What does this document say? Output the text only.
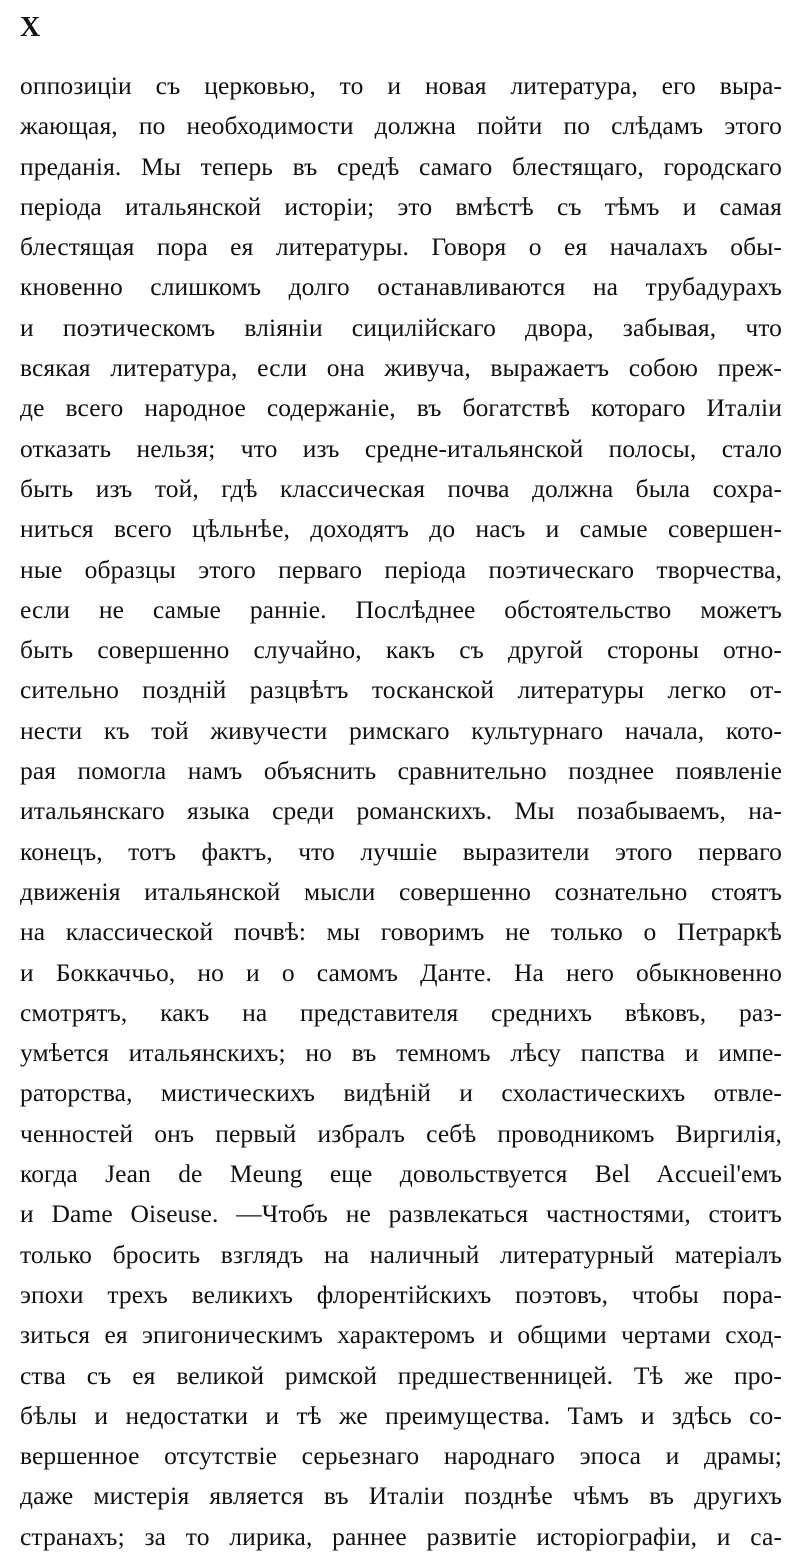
X
оппозиціи съ церковью, то и новая литература, его выра-
жающая, по необходимости должна пойти по слѣдамъ этого
преданія. Мы теперь въ средѣ самаго блестящаго, городскаго
періода итальянской исторіи; это вмѣстѣ съ тѣмъ и самая
блестящая пора ея литературы. Говоря о ея началахъ обы-
кновенно слишкомъ долго останавливаются на трубадурахъ
и поэтическомъ вліяніи сицилійскаго двора, забывая, что
всякая литература, если она живуча, выражаетъ собою преж-
де всего народное содержаніе, въ богатствѣ котораго Италіи
отказать нельзя; что изъ средне-итальянской полосы, стало
быть изъ той, гдѣ классическая почва должна была сохра-
ниться всего цѣльнѣе, доходятъ до насъ и самые совершен-
ные образцы этого перваго періода поэтическаго творчества,
если не самые ранніе. Послѣднее обстоятельство можетъ
быть совершенно случайно, какъ съ другой стороны отно-
сительно поздній разцвѣтъ тосканской литературы легко от-
нести къ той живучести римскаго культурнаго начала, кото-
рая помогла намъ объяснить сравнительно позднее появленіе
итальянскаго языка среди романскихъ. Мы позабываемъ, на-
конецъ, тотъ фактъ, что лучшіе выразители этого перваго
движенія итальянской мысли совершенно сознательно стоятъ
на классической почвѣ: мы говоримъ не только о Петраркѣ
и Боккаччьо, но и о самомъ Данте. На него обыкновенно
смотрятъ, какъ на представителя среднихъ вѣковъ, раз-
умѣется итальянскихъ; но въ темномъ лѣсу папства и импе-
раторства, мистическихъ видѣній и схоластическихъ отвле-
ченностей онъ первый избралъ себѣ проводникомъ Виргилія,
когда Jean de Meung еще довольствуется Bel Accueil'емъ
и Dame Oiseuse. —Чтобъ не развлекаться частностями, стоитъ
только бросить взглядъ на наличный литературный матеріалъ
эпохи трехъ великихъ флорентійскихъ поэтовъ, чтобы пора-
зиться ея эпигоническимъ характеромъ и общими чертами сход-
ства съ ея великой римской предшественницей. Тѣ же про-
бѣлы и недостатки и тѣ же преимущества. Тамъ и здѣсь со-
вершенное отсутствіе серьезнаго народнаго эпоса и драмы;
даже мистерія является въ Италіи позднѣе чѣмъ въ другихъ
странахъ; за то лирика, раннее развитіе исторіографіи, и са-
